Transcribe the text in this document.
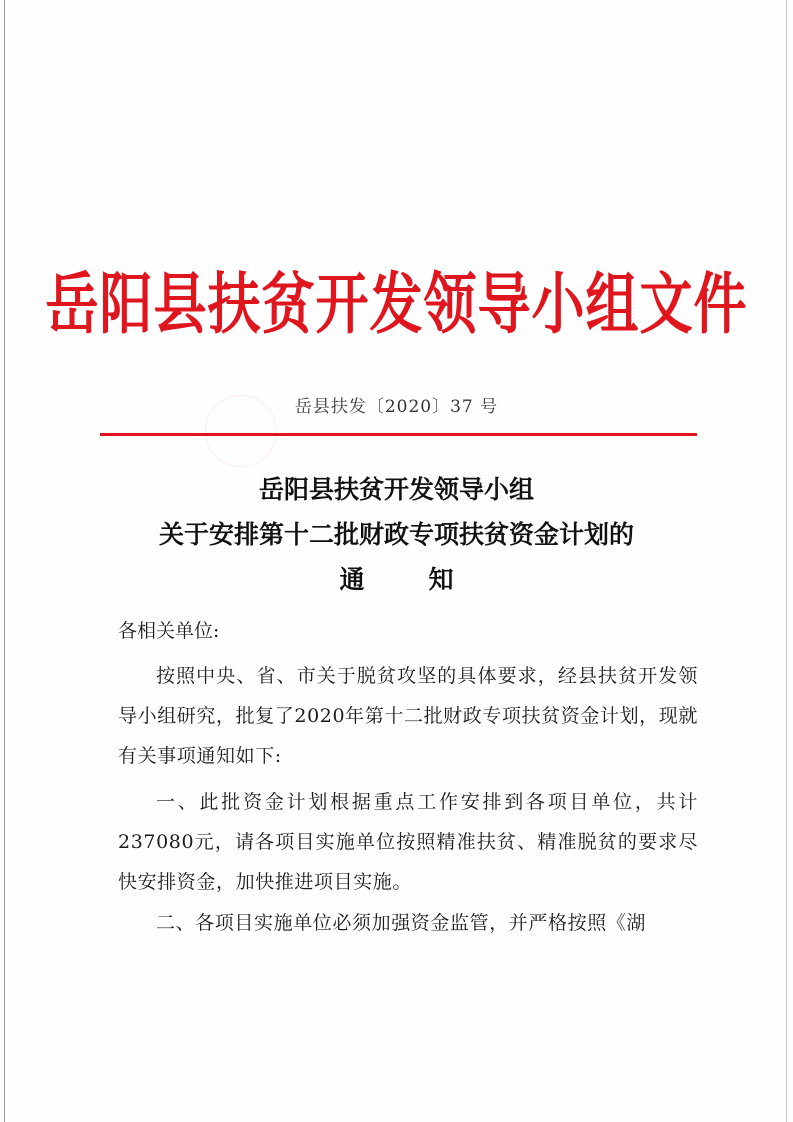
岳阳县扶贫开发领导小组文件
岳县扶发〔2020〕37 号
岳阳县扶贫开发领导小组
关于安排第十二批财政专项扶贫资金计划的
通知
各相关单位:
按照中央、省、市关于脱贫攻坚的具体要求，经县扶贫开发领导小组研究，批复了2020年第十二批财政专项扶贫资金计划，现就有关事项通知如下:
一、此批资金计划根据重点工作安排到各项目单位，共计237080元，请各项目实施单位按照精准扶贫、精准脱贫的要求尽快安排资金，加快推进项目实施。
二、各项目实施单位必须加强资金监管，并严格按照《湖
